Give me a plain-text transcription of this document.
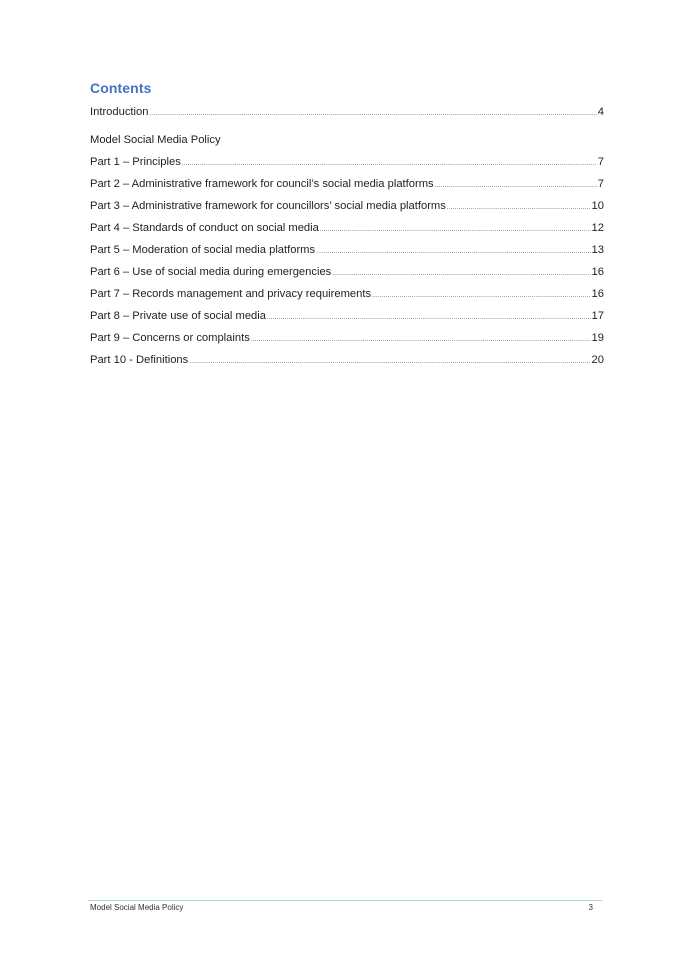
Contents
Introduction .....	4
Model Social Media Policy
Part 1 – Principles .....	7
Part 2 – Administrative framework for council’s social media platforms .....	7
Part 3 – Administrative framework for councillors’ social media platforms .....	10
Part 4 – Standards of conduct on social media .....	12
Part 5 – Moderation of social media platforms .....	13
Part 6 – Use of social media during emergencies .....	16
Part 7 – Records management and privacy requirements .....	16
Part 8 – Private use of social media .....	17
Part 9 – Concerns or complaints .....	19
Part 10 - Definitions .....	20
Model Social Media Policy	3
